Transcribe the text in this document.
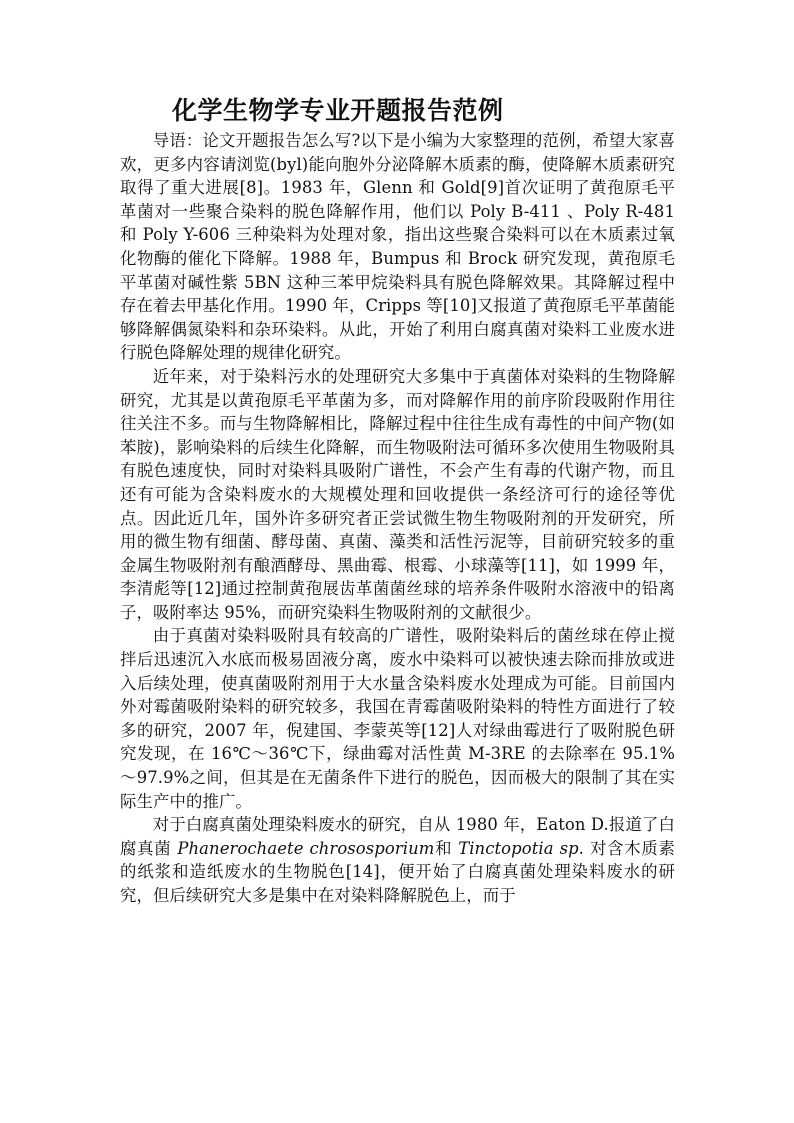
化学生物学专业开题报告范例

导语：论文开题报告怎么写?以下是小编为大家整理的范例，希望大家喜欢，更多内容请浏览(byl)能向胞外分泌降解木质素的酶，使降解木质素研究取得了重大进展[8]。1983 年，Glenn 和 Gold[9]首次证明了黄孢原毛平革菌对一些聚合染料的脱色降解作用，他们以 Poly B-411 、Poly R-481 和 Poly Y-606 三种染料为处理对象，指出这些聚合染料可以在木质素过氧化物酶的催化下降解。1988 年，Bumpus 和 Brock 研究发现，黄孢原毛平革菌对碱性紫 5BN 这种三苯甲烷染料具有脱色降解效果。其降解过程中存在着去甲基化作用。1990 年，Cripps 等[10]又报道了黄孢原毛平革菌能够降解偶氮染料和杂环染料。从此，开始了利用白腐真菌对染料工业废水进行脱色降解处理的规律化研究。

近年来，对于染料污水的处理研究大多集中于真菌体对染料的生物降解研究，尤其是以黄孢原毛平革菌为多，而对降解作用的前序阶段吸附作用往往关注不多。而与生物降解相比，降解过程中往往生成有毒性的中间产物(如苯胺)，影响染料的后续生化降解，而生物吸附法可循环多次使用生物吸附具有脱色速度快，同时对染料具吸附广谱性，不会产生有毒的代谢产物，而且还有可能为含染料废水的大规模处理和回收提供一条经济可行的途径等优点。因此近几年，国外许多研究者正尝试微生物生物吸附剂的开发研究，所用的微生物有细菌、酵母菌、真菌、藻类和活性污泥等，目前研究较多的重金属生物吸附剂有酿酒酵母、黑曲霉、根霉、小球藻等[11]，如 1999 年，李清彪等[12]通过控制黄孢展齿革菌菌丝球的培养条件吸附水溶液中的铅离子，吸附率达 95%，而研究染料生物吸附剂的文献很少。

由于真菌对染料吸附具有较高的广谱性，吸附染料后的菌丝球在停止搅拌后迅速沉入水底而极易固液分离，废水中染料可以被快速去除而排放或进入后续处理，使真菌吸附剂用于大水量含染料废水处理成为可能。目前国内外对霉菌吸附染料的研究较多，我国在青霉菌吸附染料的特性方面进行了较多的研究，2007 年，倪建国、李蒙英等[12]人对绿曲霉进行了吸附脱色研究发现，在 16℃～36℃下，绿曲霉对活性黄 M-3RE 的去除率在 95.1%～97.9%之间，但其是在无菌条件下进行的脱色，因而极大的限制了其在实际生产中的推广。

对于白腐真菌处理染料废水的研究，自从 1980 年，Eaton D.报道了白腐真菌 Phanerochaete chrososporium和 Tinctopotia sp. 对含木质素的纸浆和造纸废水的生物脱色[14]，便开始了白腐真菌处理染料废水的研究，但后续研究大多是集中在对染料降解脱色上，而于
